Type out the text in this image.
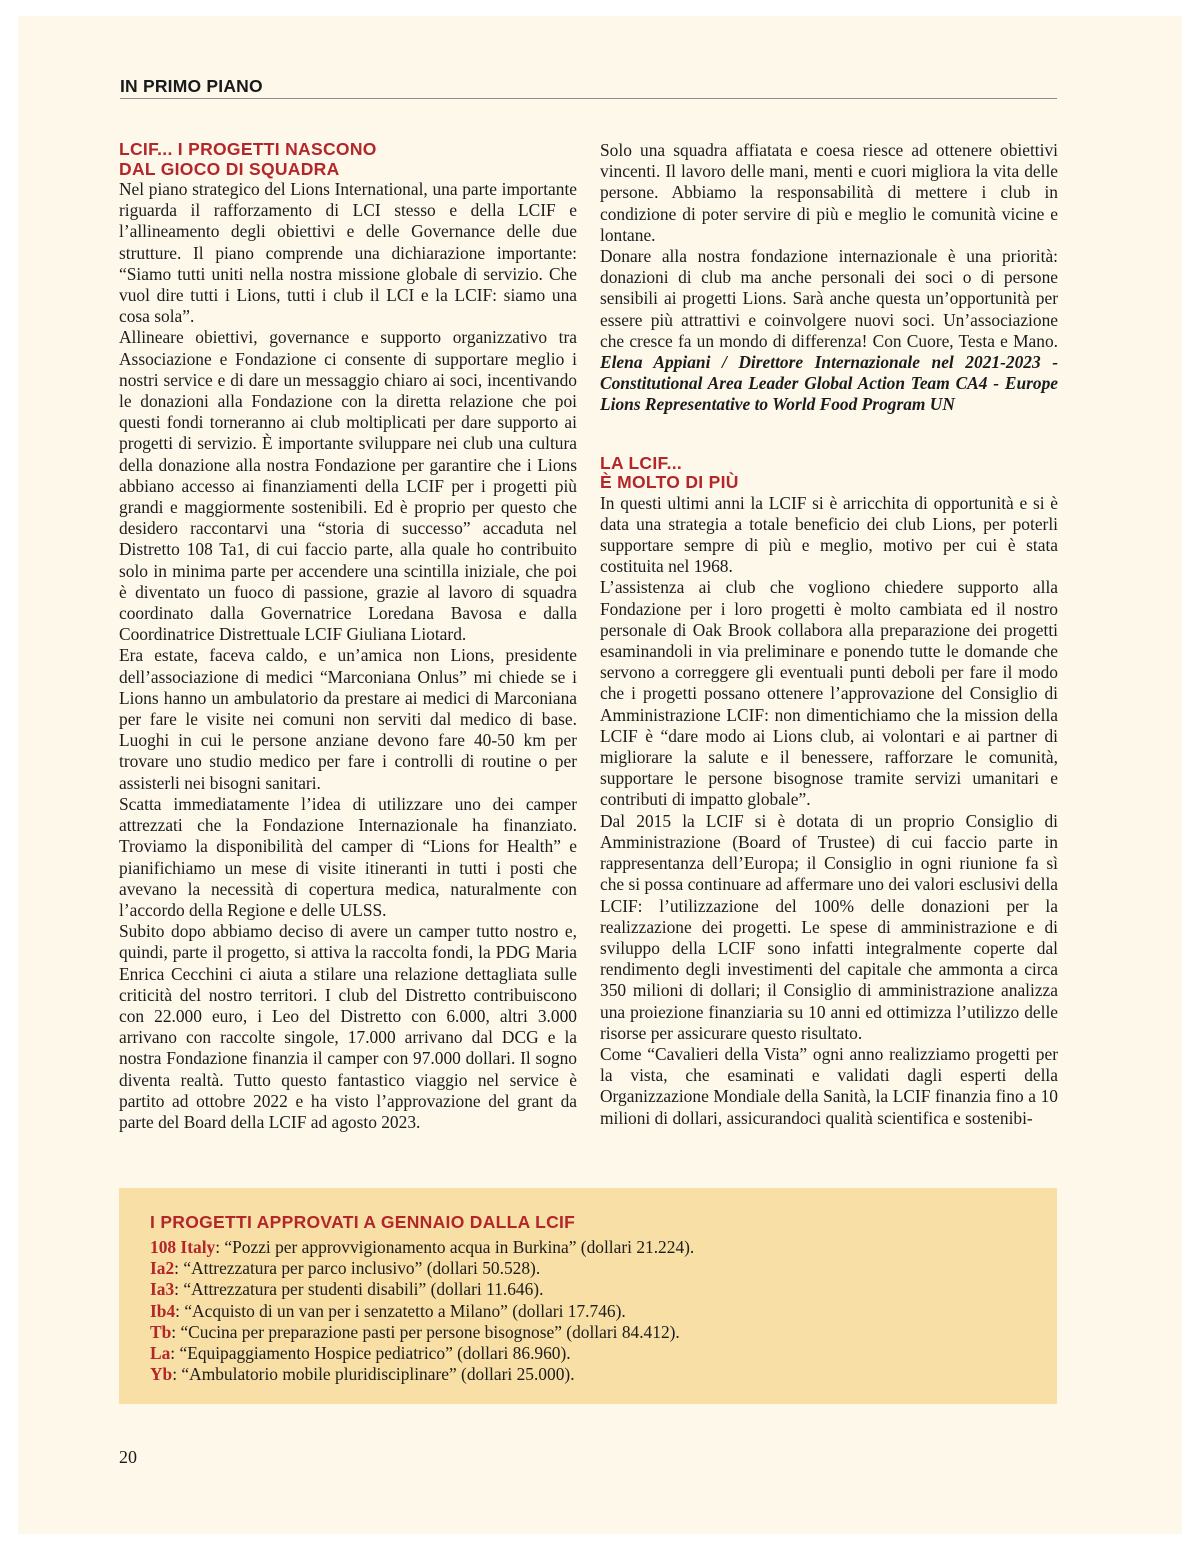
IN PRIMO PIANO
LCIF... I PROGETTI NASCONO
DAL GIOCO DI SQUADRA

Nel piano strategico del Lions International, una parte importante riguarda il rafforzamento di LCI stesso e della LCIF e l’allineamento degli obiettivi e delle Governance delle due strutture. Il piano comprende una dichiarazione importante: “Siamo tutti uniti nella nostra missione globale di servizio. Che vuol dire tutti i Lions, tutti i club il LCI e la LCIF: siamo una cosa sola”.

Allineare obiettivi, governance e supporto organizzativo tra Associazione e Fondazione ci consente di supportare meglio i nostri service e di dare un messaggio chiaro ai soci, incentivando le donazioni alla Fondazione con la diretta relazione che poi questi fondi torneranno ai club moltiplicati per dare supporto ai progetti di servizio. È importante sviluppare nei club una cultura della donazione alla nostra Fondazione per garantire che i Lions abbiano accesso ai finanziamenti della LCIF per i progetti più grandi e maggiormente sostenibili. Ed è proprio per questo che desidero raccontarvi una “storia di successo” accaduta nel Distretto 108 Ta1, di cui faccio parte, alla quale ho contribuito solo in minima parte per accendere una scintilla iniziale, che poi è diventato un fuoco di passione, grazie al lavoro di squadra coordinato dalla Governatrice Loredana Bavosa e dalla Coordinatrice Distrettuale LCIF Giuliana Liotard.

Era estate, faceva caldo, e un’amica non Lions, presidente dell’associazione di medici “Marconiana Onlus” mi chiede se i Lions hanno un ambulatorio da prestare ai medici di Marconiana per fare le visite nei comuni non serviti dal medico di base. Luoghi in cui le persone anziane devono fare 40-50 km per trovare uno studio medico per fare i controlli di routine o per assisterli nei bisogni sanitari.

Scatta immediatamente l’idea di utilizzare uno dei camper attrezzati che la Fondazione Internazionale ha finanziato. Troviamo la disponibilità del camper di “Lions for Health” e pianifichiamo un mese di visite itineranti in tutti i posti che avevano la necessità di copertura medica, naturalmente con l’accordo della Regione e delle ULSS.

Subito dopo abbiamo deciso di avere un camper tutto nostro e, quindi, parte il progetto, si attiva la raccolta fondi, la PDG Maria Enrica Cecchini ci aiuta a stilare una relazione dettagliata sulle criticità del nostro territori. I club del Distretto contribuiscono con 22.000 euro, i Leo del Distretto con 6.000, altri 3.000 arrivano con raccolte singole, 17.000 arrivano dal DCG e la nostra Fondazione finanzia il camper con 97.000 dollari. Il sogno diventa realtà. Tutto questo fantastico viaggio nel service è partito ad ottobre 2022 e ha visto l’approvazione del grant da parte del Board della LCIF ad agosto 2023.

Solo una squadra affiatata e coesa riesce ad ottenere obiettivi vincenti. Il lavoro delle mani, menti e cuori migliora la vita delle persone. Abbiamo la responsabilità di mettere i club in condizione di poter servire di più e meglio le comunità vicine e lontane.

Donare alla nostra fondazione internazionale è una priorità: donazioni di club ma anche personali dei soci o di persone sensibili ai progetti Lions. Sarà anche questa un’opportunità per essere più attrattivi e coinvolgere nuovi soci. Un’associazione che cresce fa un mondo di differenza! Con Cuore, Testa e Mano. Elena Appiani / Direttore Internazionale nel 2021-2023 - Constitutional Area Leader Global Action Team CA4 - Europe Lions Representative to World Food Program UN

LA LCIF...
È MOLTO DI PIÙ

In questi ultimi anni la LCIF si è arricchita di opportunità e si è data una strategia a totale beneficio dei club Lions, per poterli supportare sempre di più e meglio, motivo per cui è stata costituita nel 1968.

L’assistenza ai club che vogliono chiedere supporto alla Fondazione per i loro progetti è molto cambiata ed il nostro personale di Oak Brook collabora alla preparazione dei progetti esaminandoli in via preliminare e ponendo tutte le domande che servono a correggere gli eventuali punti deboli per fare il modo che i progetti possano ottenere l’approvazione del Consiglio di Amministrazione LCIF: non dimentichiamo che la mission della LCIF è “dare modo ai Lions club, ai volontari e ai partner di migliorare la salute e il benessere, rafforzare le comunità, supportare le persone bisognose tramite servizi umanitari e contributi di impatto globale”.

Dal 2015 la LCIF si è dotata di un proprio Consiglio di Amministrazione (Board of Trustee) di cui faccio parte in rappresentanza dell’Europa; il Consiglio in ogni riunione fa sì che si possa continuare ad affermare uno dei valori esclusivi della LCIF: l’utilizzazione del 100% delle donazioni per la realizzazione dei progetti. Le spese di amministrazione e di sviluppo della LCIF sono infatti integralmente coperte dal rendimento degli investimenti del capitale che ammonta a circa 350 milioni di dollari; il Consiglio di amministrazione analizza una proiezione finanziaria su 10 anni ed ottimizza l’utilizzo delle risorse per assicurare questo risultato.

Come “Cavalieri della Vista” ogni anno realizziamo progetti per la vista, che esaminati e validati dagli esperti della Organizzazione Mondiale della Sanità, la LCIF finanzia fino a 10 milioni di dollari, assicurandoci qualità scientifica e sostenibi-

I PROGETTI APPROVATI A GENNAIO DALLA LCIF
108 Italy: “Pozzi per approvvigionamento acqua in Burkina” (dollari 21.224).
Ia2: “Attrezzatura per parco inclusivo” (dollari 50.528).
Ia3: “Attrezzatura per studenti disabili” (dollari 11.646).
Ib4: “Acquisto di un van per i senzatetto a Milano” (dollari 17.746).
Tb: “Cucina per preparazione pasti per persone bisognose” (dollari 84.412).
La: “Equipaggiamento Hospice pediatrico” (dollari 86.960).
Yb: “Ambulatorio mobile pluridisciplinare” (dollari 25.000).
20
